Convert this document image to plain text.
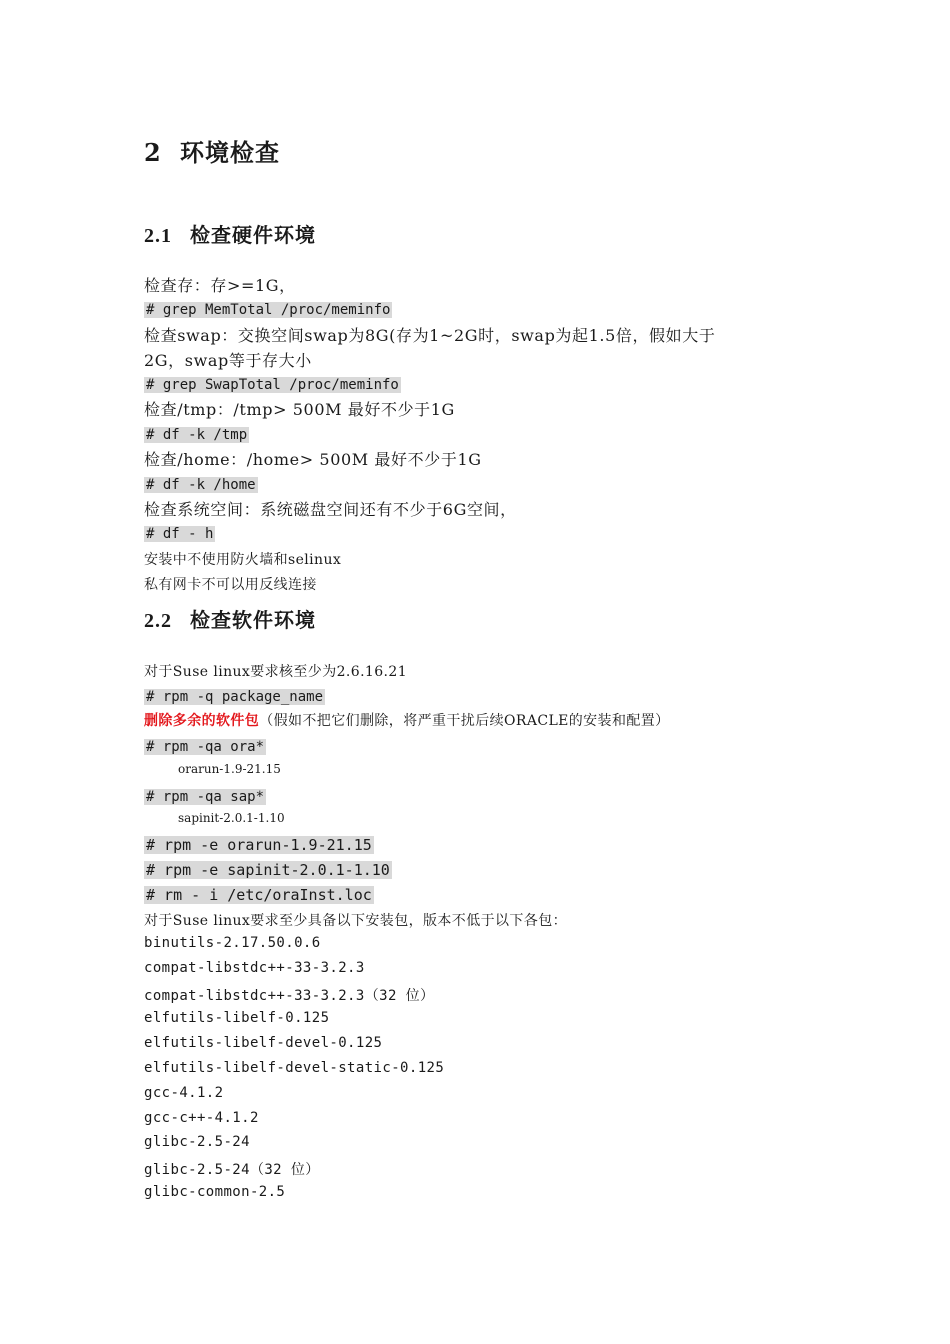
2 环境检查
2.1 检查硬件环境
检查存：存>=1G，
# grep MemTotal /proc/meminfo
检查swap：交换空间swap为8G(存为1~2G时，swap为起1.5倍，假如大于
2G，swap等于存大小
# grep SwapTotal /proc/meminfo
检查/tmp：/tmp> 500M 最好不少于1G
# df -k /tmp
检查/home：/home> 500M 最好不少于1G
# df -k /home
检查系统空间：系统磁盘空间还有不少于6G空间，
# df - h
安装中不使用防火墙和selinux
私有网卡不可以用反线连接
2.2 检查软件环境
对于Suse linux要求核至少为2.6.16.21
# rpm -q package_name
删除多余的软件包（假如不把它们删除，将严重干扰后续ORACLE的安装和配置）
# rpm -qa ora*
orarun-1.9-21.15
# rpm -qa sap*
sapinit-2.0.1-1.10
# rpm -e orarun-1.9-21.15
# rpm -e sapinit-2.0.1-1.10
# rm - i /etc/oraInst.loc
对于Suse linux要求至少具备以下安装包，版本不低于以下各包：
binutils-2.17.50.0.6
compat-libstdc++-33-3.2.3
compat-libstdc++-33-3.2.3（32 位）
elfutils-libelf-0.125
elfutils-libelf-devel-0.125
elfutils-libelf-devel-static-0.125
gcc-4.1.2
gcc-c++-4.1.2
glibc-2.5-24
glibc-2.5-24（32 位）
glibc-common-2.5
